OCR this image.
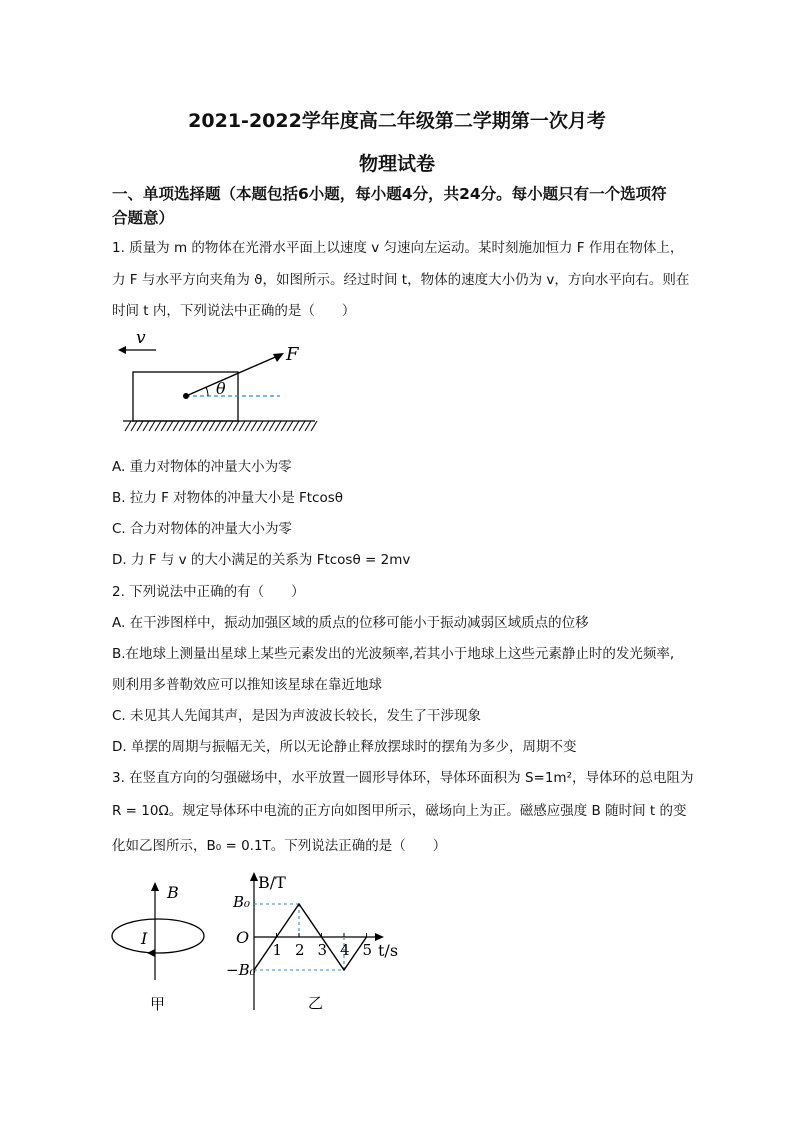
2021-2022学年度高二年级第二学期第一次月考
物理试卷
一、单项选择题（本题包括6小题，每小题4分，共24分。每小题只有一个选项符
合题意）
1. 质量为 m 的物体在光滑水平面上以速度 v 匀速向左运动。某时刻施加恒力 F 作用在物体上，
力 F 与水平方向夹角为 ϑ，如图所示。经过时间 t，物体的速度大小仍为 v，方向水平向右。则在
时间 t 内，下列说法中正确的是（　　）
v
F
θ
A. 重力对物体的冲量大小为零
B. 拉力 F 对物体的冲量大小是 Ftcosθ
C. 合力对物体的冲量大小为零
D. 力 F 与 v 的大小满足的关系为 Ftcosθ = 2mv
2. 下列说法中正确的有（　　）
A. 在干涉图样中，振动加强区域的质点的位移可能小于振动减弱区域质点的位移
B.在地球上测量出星球上某些元素发出的光波频率,若其小于地球上这些元素静止时的发光频率,
则利用多普勒效应可以推知该星球在靠近地球
C. 未见其人先闻其声，是因为声波波长较长，发生了干涉现象
D. 单摆的周期与振幅无关，所以无论静止释放摆球时的摆角为多少，周期不变
3. 在竖直方向的匀强磁场中，水平放置一圆形导体环，导体环面积为 S=1m²，导体环的总电阻为
R = 10Ω。规定导体环中电流的正方向如图甲所示，磁场向上为正。磁感应强度 B 随时间 t 的变
化如乙图所示，B₀ = 0.1T。下列说法正确的是（　　）
B
I
甲
B/T
t/s
O
B₀
−B₀
1 2 3 4 5
乙
